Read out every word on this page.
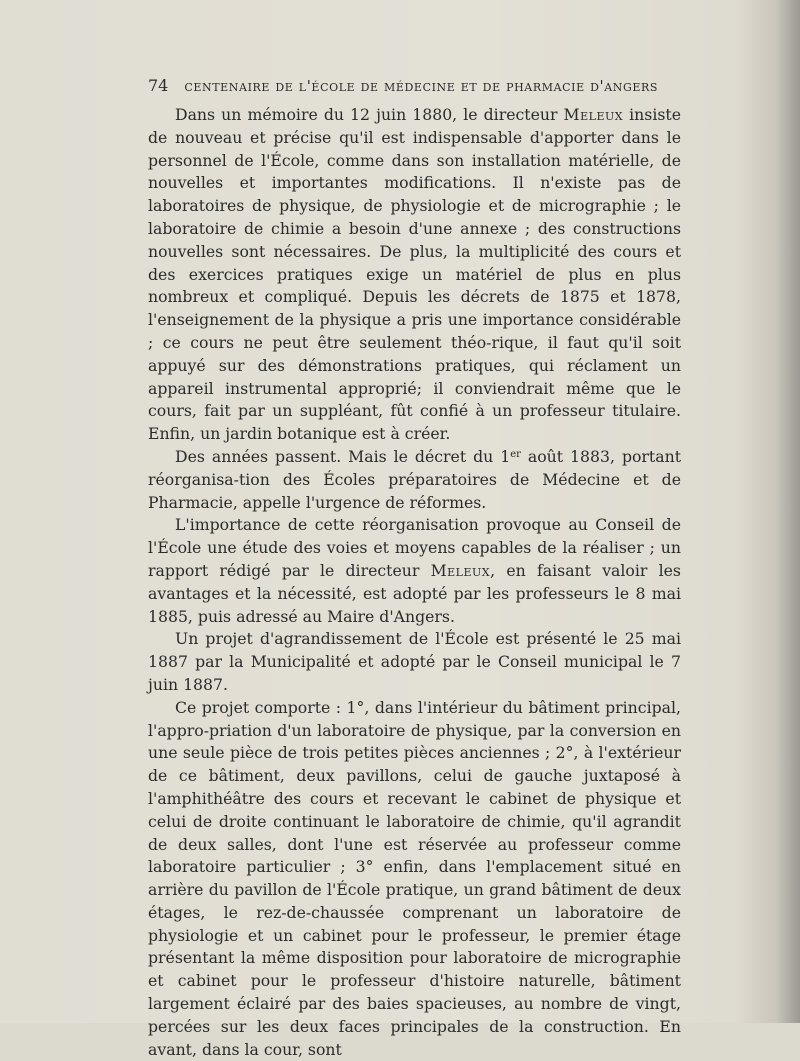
74 centenaire de l'école de médecine et de pharmacie d'angers

Dans un mémoire du 12 juin 1880, le directeur Meleux insiste de nouveau et précise qu'il est indispensable d'apporter dans le personnel de l'École, comme dans son installation matérielle, de nouvelles et importantes modifications. Il n'existe pas de laboratoires de physique, de physiologie et de micrographie ; le laboratoire de chimie a besoin d'une annexe ; des constructions nouvelles sont nécessaires. De plus, la multiplicité des cours et des exercices pratiques exige un matériel de plus en plus nombreux et compliqué. Depuis les décrets de 1875 et 1878, l'enseignement de la physique a pris une importance considérable ; ce cours ne peut être seulement théo-rique, il faut qu'il soit appuyé sur des démonstrations pratiques, qui réclament un appareil instrumental approprié; il conviendrait même que le cours, fait par un suppléant, fût confié à un professeur titulaire. Enfin, un jardin botanique est à créer.

Des années passent. Mais le décret du 1er août 1883, portant réorganisa-tion des Écoles préparatoires de Médecine et de Pharmacie, appelle l'urgence de réformes.

L'importance de cette réorganisation provoque au Conseil de l'École une étude des voies et moyens capables de la réaliser ; un rapport rédigé par le directeur Meleux, en faisant valoir les avantages et la nécessité, est adopté par les professeurs le 8 mai 1885, puis adressé au Maire d'Angers.

Un projet d'agrandissement de l'École est présenté le 25 mai 1887 par la Municipalité et adopté par le Conseil municipal le 7 juin 1887.

Ce projet comporte : 1°, dans l'intérieur du bâtiment principal, l'appro-priation d'un laboratoire de physique, par la conversion en une seule pièce de trois petites pièces anciennes ; 2°, à l'extérieur de ce bâtiment, deux pavillons, celui de gauche juxtaposé à l'amphithéâtre des cours et recevant le cabinet de physique et celui de droite continuant le laboratoire de chimie, qu'il agrandit de deux salles, dont l'une est réservée au professeur comme laboratoire particulier ; 3° enfin, dans l'emplacement situé en arrière du pavillon de l'École pratique, un grand bâtiment de deux étages, le rez-de-chaussée comprenant un laboratoire de physiologie et un cabinet pour le professeur, le premier étage présentant la même disposition pour laboratoire de micrographie et cabinet pour le professeur d'histoire naturelle, bâtiment largement éclairé par des baies spacieuses, au nombre de vingt, percées sur les deux faces principales de la construction. En avant, dans la cour, sont
